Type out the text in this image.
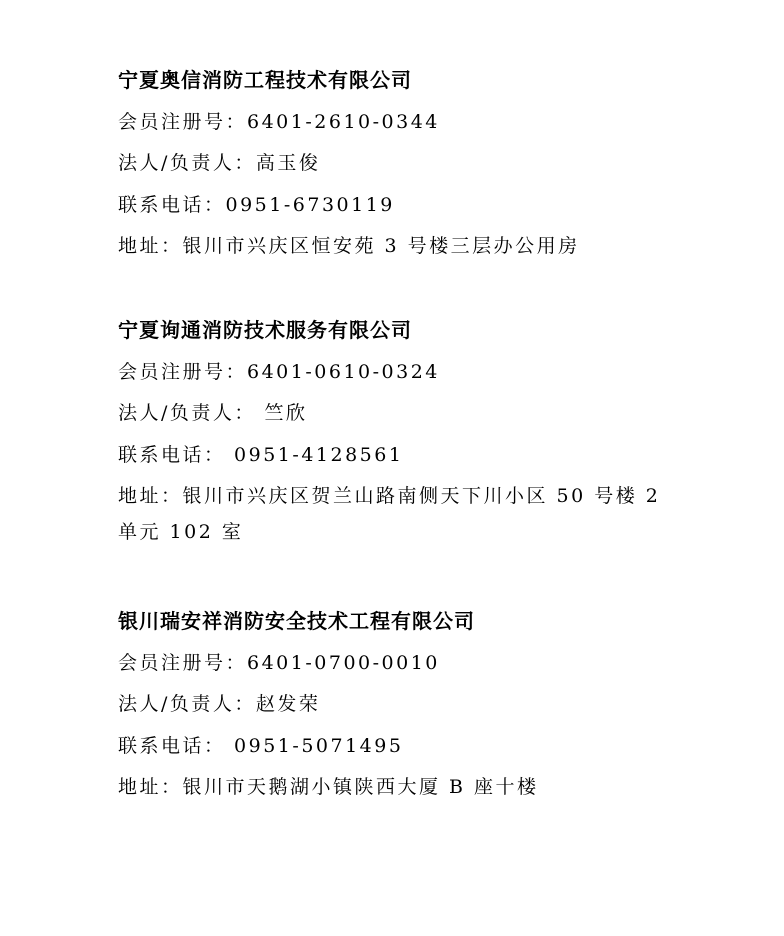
宁夏奥信消防工程技术有限公司
会员注册号：6401-2610-0344
法人/负责人：高玉俊
联系电话：0951-6730119
地址：银川市兴庆区恒安苑 3 号楼三层办公用房
宁夏询通消防技术服务有限公司
会员注册号：6401-0610-0324
法人/负责人： 竺欣
联系电话： 0951-4128561
地址：银川市兴庆区贺兰山路南侧天下川小区 50 号楼 2 单元 102 室
银川瑞安祥消防安全技术工程有限公司
会员注册号：6401-0700-0010
法人/负责人：赵发荣
联系电话： 0951-5071495
地址：银川市天鹅湖小镇陕西大厦 B 座十楼
